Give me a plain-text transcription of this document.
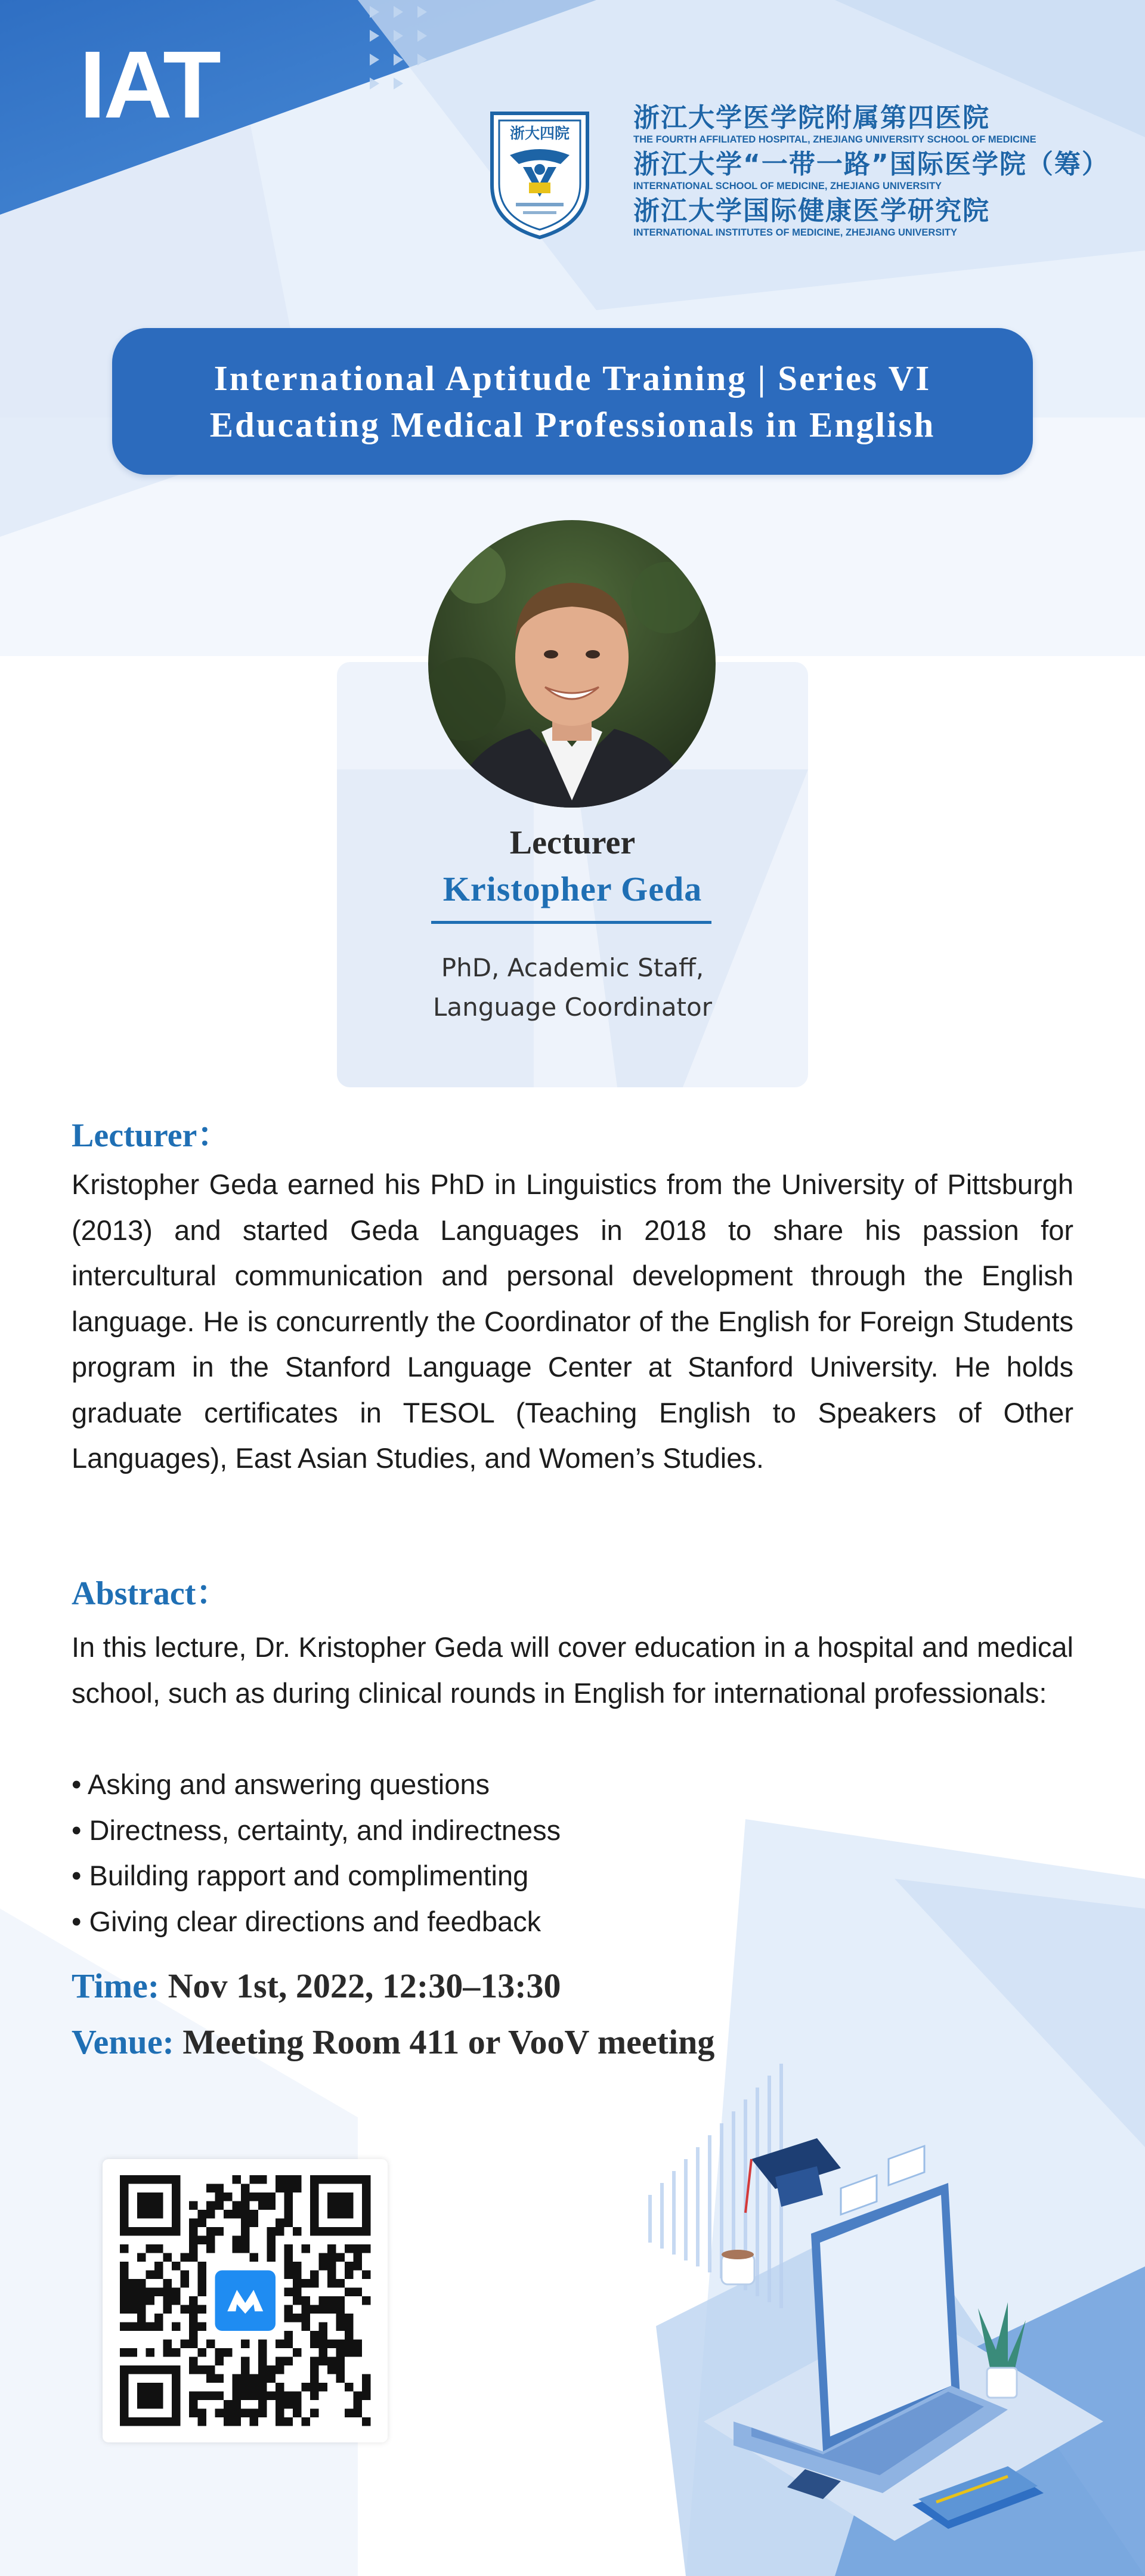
IAT	浙大四院

浙江大学医学院附属第四医院

THE FOURTH AFFILIATED HOSPITAL, ZHEJIANG UNIVERSITY SCHOOL OF MEDICINE

浙江大学“一带一路”国际医学院（筹）

INTERNATIONAL SCHOOL OF MEDICINE, ZHEJIANG UNIVERSITY

浙江大学国际健康医学研究院

INTERNATIONAL INSTITUTES OF MEDICINE, ZHEJIANG UNIVERSITY

International Aptitude Training | Series VI
Educating Medical Professionals in English
Lecturer
Kristopher Geda
PhD, Academic Staff,
Language Coordinator
Lecturer：
Kristopher Geda earned his PhD in Linguistics from the University of Pittsburgh (2013) and started Geda Languages in 2018 to share his passion for intercultural communication and personal development through the English language. He is concurrently the Coordinator of the English for Foreign Students program in the Stanford Language Center at Stanford University. He holds graduate certificates in TESOL (Teaching English to Speakers of Other Languages), East Asian Studies, and Women’s Studies.
Abstract：
In this lecture, Dr. Kristopher Geda will cover education in a hospital and medical school, such as during clinical rounds in English for international professionals:
• Asking and answering questions
• Directness, certainty, and indirectness
• Building rapport and complimenting
• Giving clear directions and feedback
Time: Nov 1st, 2022, 12:30–13:30
Venue: Meeting Room 411 or VooV meeting
